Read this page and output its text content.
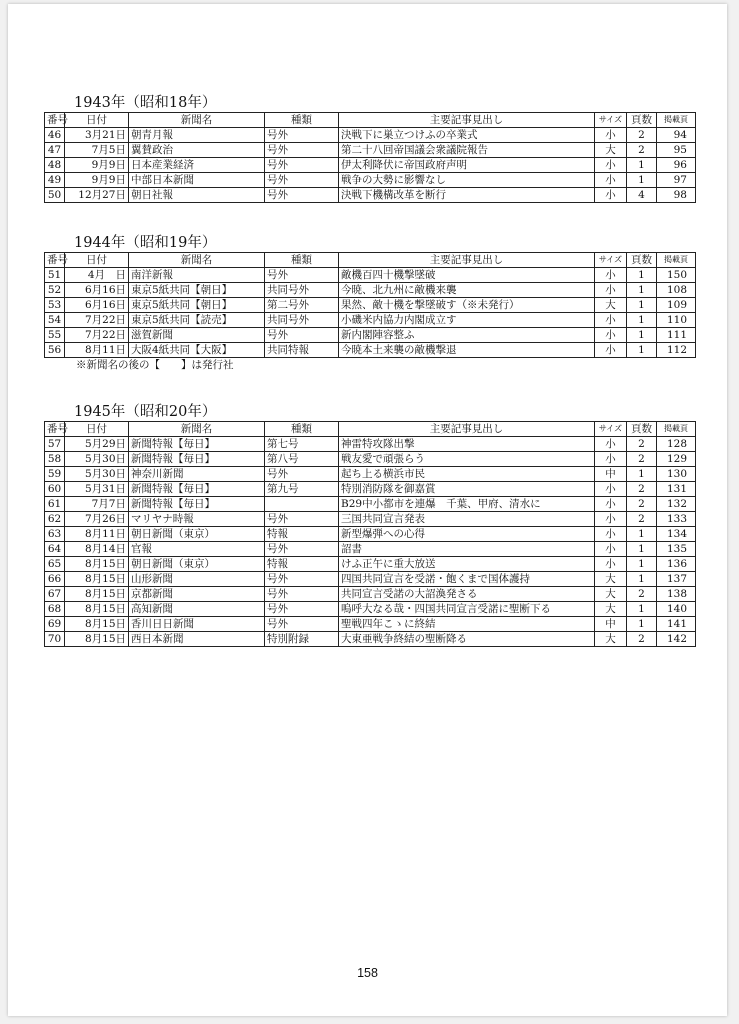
1943年（昭和18年）
番号	日付	新聞名	種類	主要記事見出し	サイズ	頁数	掲載頁
46	3月21日	朝青月報	号外	決戦下に巣立つけふの卒業式	小	2	94
47	7月5日	翼賛政治	号外	第二十八回帝国議会衆議院報告	大	2	95
48	9月9日	日本産業経済	号外	伊太利降伏に帝国政府声明	小	1	96
49	9月9日	中部日本新聞	号外	戦争の大勢に影響なし	小	1	97
50	12月27日	朝日社報	号外	決戦下機構改革を断行	小	4	98
1944年（昭和19年）
番号	日付	新聞名	種類	主要記事見出し	サイズ	頁数	掲載頁
51	4月　日	南洋新報	号外	敵機百四十機撃墜破	小	1	150
52	6月16日	東京5紙共同【朝日】	共同号外	今暁、北九州に敵機来襲	小	1	108
53	6月16日	東京5紙共同【朝日】	第二号外	果然、敵十機を撃墜破す（※未発行）	大	1	109
54	7月22日	東京5紙共同【読売】	共同号外	小磯米内協力内閣成立す	小	1	110
55	7月22日	滋賀新聞	号外	新内閣陣容整ふ	小	1	111
56	8月11日	大阪4紙共同【大阪】	共同特報	今暁本土来襲の敵機撃退	小	1	112
※新聞名の後の【　　】は発行社
1945年（昭和20年）
番号	日付	新聞名	種類	主要記事見出し	サイズ	頁数	掲載頁
57	5月29日	新聞特報【毎日】	第七号	神雷特攻隊出撃	小	2	128
58	5月30日	新聞特報【毎日】	第八号	戦友愛で頑張らう	小	2	129
59	5月30日	神奈川新聞	号外	起ち上る横浜市民	中	1	130
60	5月31日	新聞特報【毎日】	第九号	特別消防隊を御嘉賞	小	2	131
61	7月7日	新聞特報【毎日】		B29中小都市を連爆　千葉、甲府、清水に	小	2	132
62	7月26日	マリヤナ時報	号外	三国共同宣言発表	小	2	133
63	8月11日	朝日新聞（東京）	特報	新型爆弾への心得	小	1	134
64	8月14日	官報	号外	詔書	小	1	135
65	8月15日	朝日新聞（東京）	特報	けふ正午に重大放送	小	1	136
66	8月15日	山形新聞	号外	四国共同宣言を受諾・飽くまで国体護持	大	1	137
67	8月15日	京都新聞	号外	共同宣言受諾の大詔渙発さる	大	2	138
68	8月15日	高知新聞	号外	嗚呼大なる哉・四国共同宣言受諾に聖断下る	大	1	140
69	8月15日	香川日日新聞	号外	聖戦四年こゝに終結	中	1	141
70	8月15日	西日本新聞	特別附録	大東亜戦争終結の聖断降る	大	2	142
158
